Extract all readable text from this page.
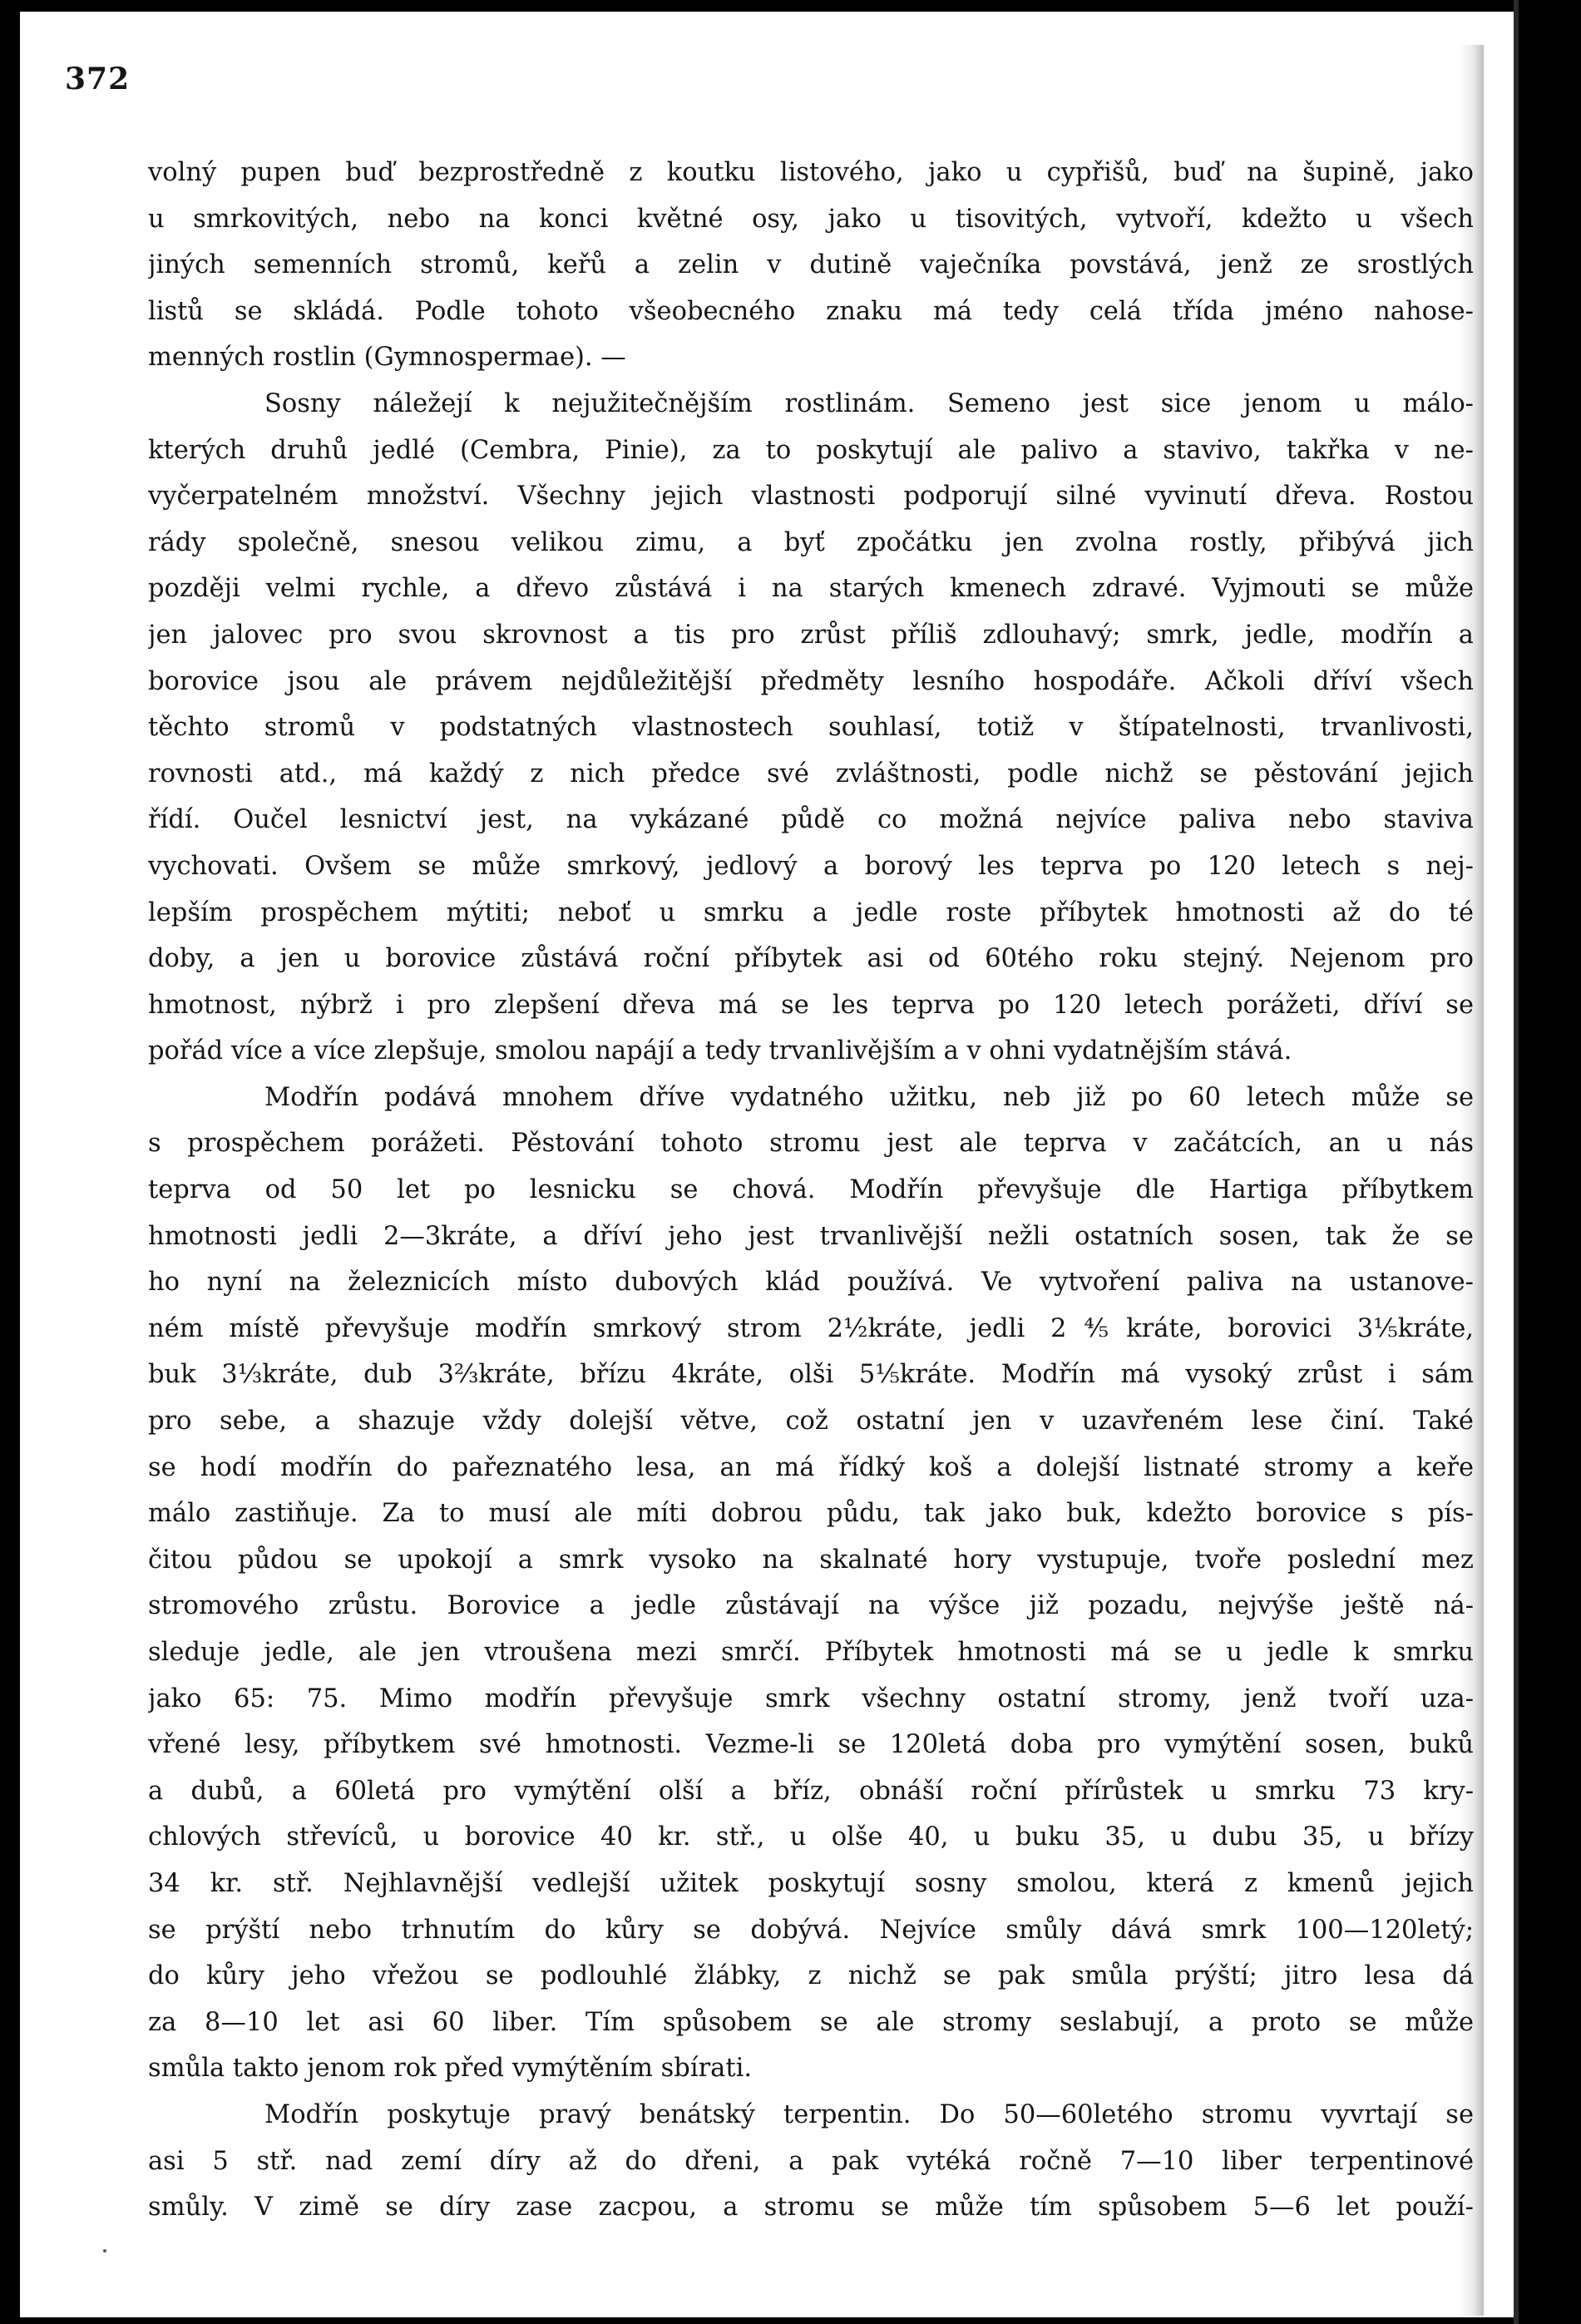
372
volný pupen buď bezprostředně z koutku listového, jako u cypřišů, buď na šupině, jako
u smrkovitých, nebo na konci květné osy, jako u tisovitých, vytvoří, kdežto u všech
jiných semenních stromů, keřů a zelin v dutině vaječníka povstává, jenž ze srostlých
listů se skládá. Podle tohoto všeobecného znaku má tedy celá třída jméno nahose-
menných rostlin (Gymnospermae). —
Sosny náležejí k nejužitečnějším rostlinám. Semeno jest sice jenom u málo-
kterých druhů jedlé (Cembra, Pinie), za to poskytují ale palivo a stavivo, takřka v ne-
vyčerpatelném množství. Všechny jejich vlastnosti podporují silné vyvinutí dřeva. Rostou
rády společně, snesou velikou zimu, a byť zpočátku jen zvolna rostly, přibývá jich
později velmi rychle, a dřevo zůstává i na starých kmenech zdravé. Vyjmouti se může
jen jalovec pro svou skrovnost a tis pro zrůst příliš zdlouhavý; smrk, jedle, modřín a
borovice jsou ale právem nejdůležitější předměty lesního hospodáře. Ačkoli dříví všech
těchto stromů v podstatných vlastnostech souhlasí, totiž v štípatelnosti, trvanlivosti,
rovnosti atd., má každý z nich předce své zvláštnosti, podle nichž se pěstování jejich
řídí. Oučel lesnictví jest, na vykázané půdě co možná nejvíce paliva nebo staviva
vychovati. Ovšem se může smrkový, jedlový a borový les teprva po 120 letech s nej-
lepším prospěchem mýtiti; neboť u smrku a jedle roste příbytek hmotnosti až do té
doby, a jen u borovice zůstává roční příbytek asi od 60tého roku stejný. Nejenom pro
hmotnost, nýbrž i pro zlepšení dřeva má se les teprva po 120 letech porážeti, dříví se
pořád více a více zlepšuje, smolou napájí a tedy trvanlivějším a v ohni vydatnějším stává.
Modřín podává mnohem dříve vydatného užitku, neb již po 60 letech může se
s prospěchem porážeti. Pěstování tohoto stromu jest ale teprva v začátcích, an u nás
teprva od 50 let po lesnicku se chová. Modřín převyšuje dle Hartiga příbytkem
hmotnosti jedli 2—3kráte, a dříví jeho jest trvanlivější nežli ostatních sosen, tak že se
ho nyní na železnicích místo dubových klád používá. Ve vytvoření paliva na ustanove-
ném místě převyšuje modřín smrkový strom 2½kráte, jedli 2⅘kráte, borovici 3⅕kráte,
buk 3⅓kráte, dub 3⅔kráte, břízu 4kráte, olši 5⅕kráte. Modřín má vysoký zrůst i sám
pro sebe, a shazuje vždy dolejší větve, což ostatní jen v uzavřeném lese činí. Také
se hodí modřín do pařeznatého lesa, an má řídký koš a dolejší listnaté stromy a keře
málo zastiňuje. Za to musí ale míti dobrou půdu, tak jako buk, kdežto borovice s pís-
čitou půdou se upokojí a smrk vysoko na skalnaté hory vystupuje, tvoře poslední mez
stromového zrůstu. Borovice a jedle zůstávají na výšce již pozadu, nejvýše ještě ná-
sleduje jedle, ale jen vtroušena mezi smrčí. Příbytek hmotnosti má se u jedle k smrku
jako 65: 75. Mimo modřín převyšuje smrk všechny ostatní stromy, jenž tvoří uza-
vřené lesy, příbytkem své hmotnosti. Vezme-li se 120letá doba pro vymýtění sosen, buků
a dubů, a 60letá pro vymýtění olší a bříz, obnáší roční přírůstek u smrku 73 kry-
chlových střevíců, u borovice 40 kr. stř., u olše 40, u buku 35, u dubu 35, u břízy
34 kr. stř. Nejhlavnější vedlejší užitek poskytují sosny smolou, která z kmenů jejich
se prýští nebo trhnutím do kůry se dobývá. Nejvíce smůly dává smrk 100—120letý;
do kůry jeho vřežou se podlouhlé žlábky, z nichž se pak smůla prýští; jitro lesa dá
za 8—10 let asi 60 liber. Tím spůsobem se ale stromy seslabují, a proto se může
smůla takto jenom rok před vymýtěním sbírati.
Modřín poskytuje pravý benátský terpentin. Do 50—60letého stromu vyvrtají se
asi 5 stř. nad zemí díry až do dřeni, a pak vytéká ročně 7—10 liber terpentinové
smůly. V zimě se díry zase zacpou, a stromu se může tím spůsobem 5—6 let použí-
